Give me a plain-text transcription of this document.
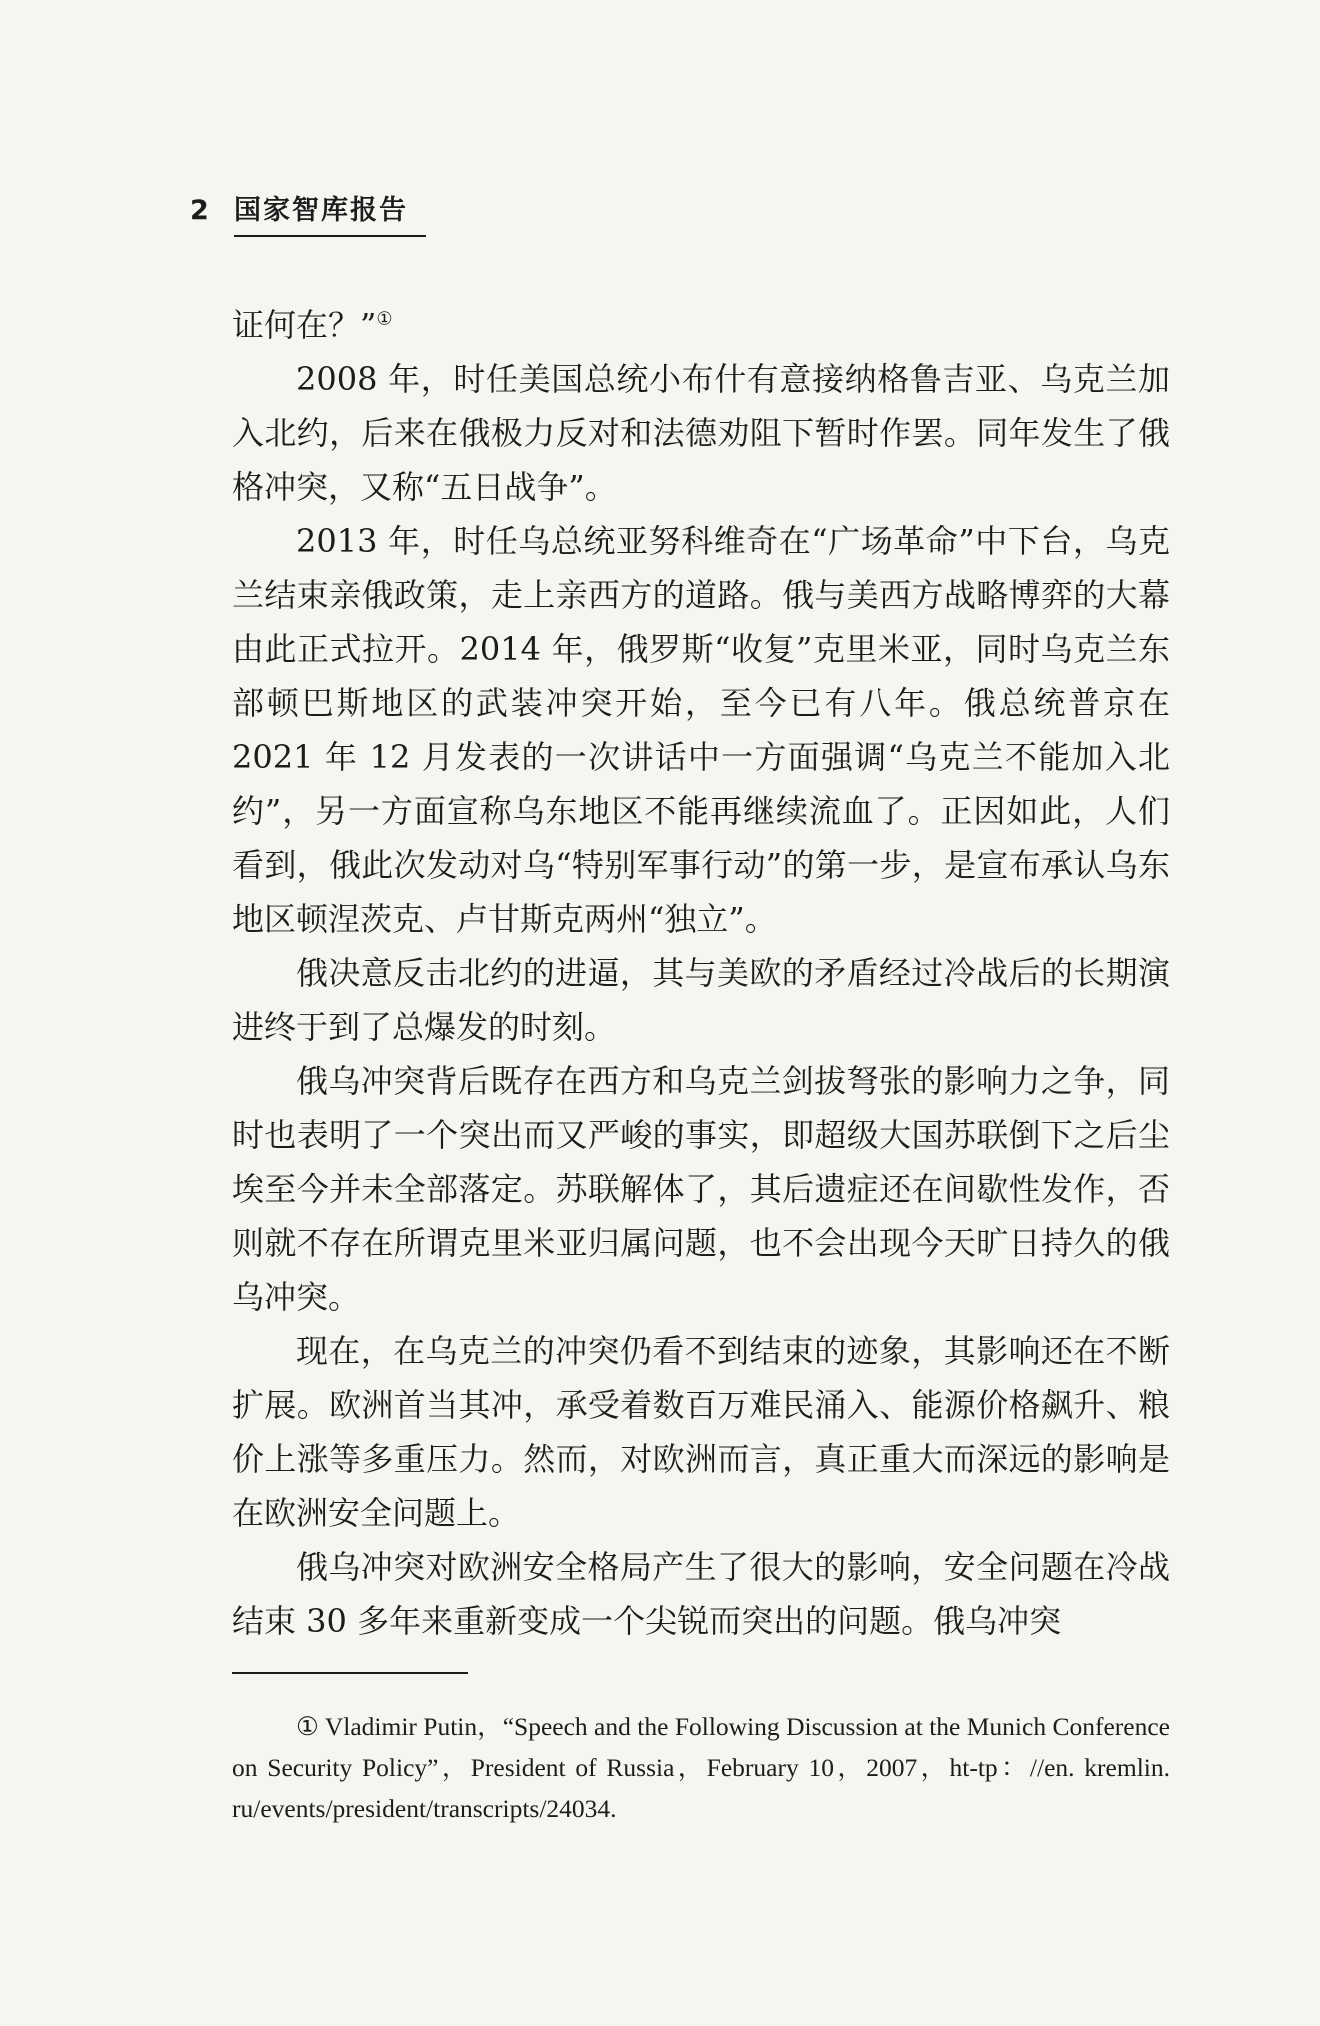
2 国家智库报告

证何在？”①

2008 年，时任美国总统小布什有意接纳格鲁吉亚、乌克兰加入北约，后来在俄极力反对和法德劝阻下暂时作罢。同年发生了俄格冲突，又称“五日战争”。

2013 年，时任乌总统亚努科维奇在“广场革命”中下台，乌克兰结束亲俄政策，走上亲西方的道路。俄与美西方战略博弈的大幕由此正式拉开。2014 年，俄罗斯“收复”克里米亚，同时乌克兰东部顿巴斯地区的武装冲突开始，至今已有八年。俄总统普京在 2021 年 12 月发表的一次讲话中一方面强调“乌克兰不能加入北约”，另一方面宣称乌东地区不能再继续流血了。正因如此，人们看到，俄此次发动对乌“特别军事行动”的第一步，是宣布承认乌东地区顿涅茨克、卢甘斯克两州“独立”。

俄决意反击北约的进逼，其与美欧的矛盾经过冷战后的长期演进终于到了总爆发的时刻。

俄乌冲突背后既存在西方和乌克兰剑拔弩张的影响力之争，同时也表明了一个突出而又严峻的事实，即超级大国苏联倒下之后尘埃至今并未全部落定。苏联解体了，其后遗症还在间歇性发作，否则就不存在所谓克里米亚归属问题，也不会出现今天旷日持久的俄乌冲突。

现在，在乌克兰的冲突仍看不到结束的迹象，其影响还在不断扩展。欧洲首当其冲，承受着数百万难民涌入、能源价格飙升、粮价上涨等多重压力。然而，对欧洲而言，真正重大而深远的影响是在欧洲安全问题上。

俄乌冲突对欧洲安全格局产生了很大的影响，安全问题在冷战结束 30 多年来重新变成一个尖锐而突出的问题。俄乌冲突

① Vladimir Putin，“Speech and the Following Discussion at the Munich Conference on Security Policy”，President of Russia，February 10，2007，ht-tp：//en. kremlin. ru/events/president/transcripts/24034.
